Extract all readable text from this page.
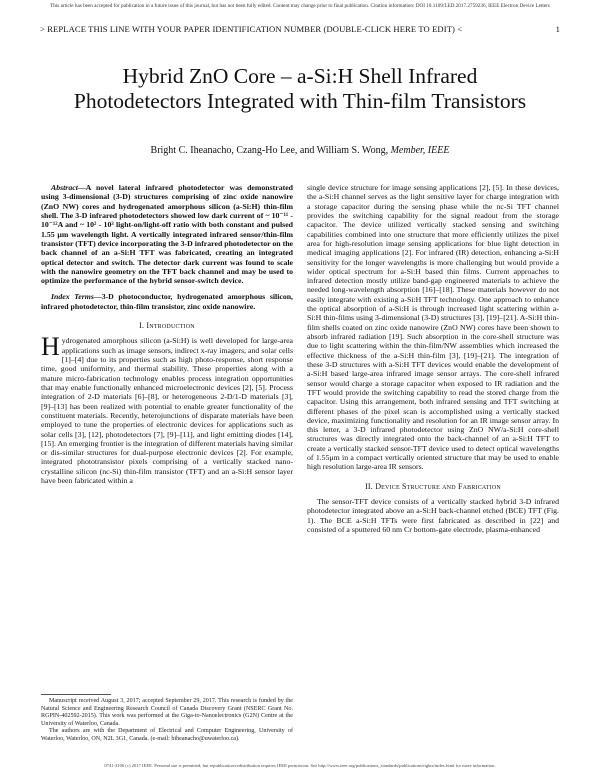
This article has been accepted for publication in a future issue of this journal, but has not been fully edited. Content may change prior to final publication. Citation information: DOI 10.1109/LED.2017.2759236, IEEE Electron Device Letters
> REPLACE THIS LINE WITH YOUR PAPER IDENTIFICATION NUMBER (DOUBLE-CLICK HERE TO EDIT) <	1
Hybrid ZnO Core – a-Si:H Shell Infrared Photodetectors Integrated with Thin-film Transistors
Bright C. Iheanacho, Czang-Ho Lee, and William S. Wong, Member, IEEE

Abstract—A novel lateral infrared photodetector was demonstrated using 3-dimensional (3-D) structures comprising of zinc oxide nanowire (ZnO NW) cores and hydrogenated amorphous silicon (a-Si:H) thin-film shell. The 3-D infrared photodetectors showed low dark current of ~ 10⁻¹¹ - 10⁻¹²A and ~ 10² - 10³ light-on/light-off ratio with both constant and pulsed 1.55 μm wavelength light. A vertically integrated infrared sensor/thin-film transistor (TFT) device incorporating the 3-D infrared photodetector on the back channel of an a-Si:H TFT was fabricated, creating an integrated optical detector and switch. The detector dark current was found to scale with the nanowire geometry on the TFT back channel and may be used to optimize the performance of the hybrid sensor-switch device.

Index Terms—3-D photoconductor, hydrogenated amorphous silicon, infrared photodetector, thin-film transistor, zinc oxide nanowire.

I. Introduction

Hydrogenated amorphous silicon (a-Si:H) is well developed for large-area applications such as image sensors, indirect x-ray imagers, and solar cells [1]–[4] due to its properties such as high photo-response, short response time, good uniformity, and thermal stability. These properties along with a mature micro-fabrication technology enables process integration opportunities that may enable functionally enhanced microelectronic devices [2], [5]. Process integration of 2-D materials [6]–[8], or heterogeneous 2-D/1-D materials [3], [9]–[13] has been realized with potential to enable greater functionality of the constituent materials. Recently, heterojunctions of disparate materials have been employed to tune the properties of electronic devices for applications such as solar cells [3], [12], photodetectors [7], [9]–[11], and light emitting diodes [14], [15]. An emerging frontier is the integration of different materials having similar or dis-similar structures for dual-purpose electronic devices [2]. For example, integrated phototransistor pixels comprising of a vertically stacked nano-crystalline silicon (nc-Si) thin-film transistor (TFT) and an a-Si:H sensor layer have been fabricated within a

Manuscript received August 3, 2017; accepted September 29, 2017. This research is funded by the Natural Science and Engineering Research Council of Canada Discovery Grant (NSERC Grant No. RGPIN-402592-2015). This work was performed at the Giga-to-Nanoelectronics (G2N) Centre at the University of Waterloo, Canada.

The authors are with the Department of Electrical and Computer Engineering, University of Waterloo, Waterloo, ON, N2L 3G1, Canada. (e-mail: biheanacho@uwaterloo.ca).

single device structure for image sensing applications [2], [5]. In these devices, the a-Si:H channel serves as the light sensitive layer for charge integration with a storage capacitor during the sensing phase while the nc-Si TFT channel provides the switching capability for the signal readout from the storage capacitor. The device utilized vertically stacked sensing and switching capabilities combined into one structure that more efficiently utilizes the pixel area for high-resolution image sensing applications for blue light detection in medical imaging applications [2]. For infrared (IR) detection, enhancing a-Si:H sensitivity for the longer wavelengths is more challenging but would provide a wider optical spectrum for a-Si:H based thin films. Current approaches to infrared detection mostly utilize band-gap engineered materials to achieve the needed long-wavelength absorption [16]–[18]. These materials however do not easily integrate with existing a-Si:H TFT technology. One approach to enhance the optical absorption of a-Si:H is through increased light scattering within a-Si:H thin-films using 3-dimensional (3-D) structures [3], [19]–[21]. A-Si:H thin-film shells coated on zinc oxide nanowire (ZnO NW) cores have been shown to absorb infrared radiation [19]. Such absorption in the core-shell structure was due to light scattering within the thin-film/NW assemblies which increased the effective thickness of the a-Si:H thin-film [3], [19]–[21]. The integration of these 3-D structures with a-Si:H TFT devices would enable the development of a-Si:H based large-area infrared image sensor arrays. The core-shell infrared sensor would charge a storage capacitor when exposed to IR radiation and the TFT would provide the switching capability to read the stored charge from the capacitor. Using this arrangement, both infrared sensing and TFT switching at different phases of the pixel scan is accomplished using a vertically stacked device, maximizing functionality and resolution for an IR image sensor array. In this letter, a 3-D infrared photodetector using ZnO NW/a-Si:H core-shell structures was directly integrated onto the back-channel of an a-Si:H TFT to create a vertically stacked sensor-TFT device used to detect optical wavelengths of 1.55μm in a compact vertically oriented structure that may be used to enable high resolution large-area IR sensors.

II. Device Structure and Fabrication

The sensor-TFT device consists of a vertically stacked hybrid 3-D infrared photodetector integrated above an a-Si:H back-channel etched (BCE) TFT (Fig. 1). The BCE a-Si:H TFTs were first fabricated as described in [22] and consisted of a sputtered 60 nm Cr bottom-gate electrode, plasma-enhanced

0741-3106 (c) 2017 IEEE. Personal use is permitted, but republication/redistribution requires IEEE permission. See http://www.ieee.org/publications_standards/publications/rights/index.html for more information.
